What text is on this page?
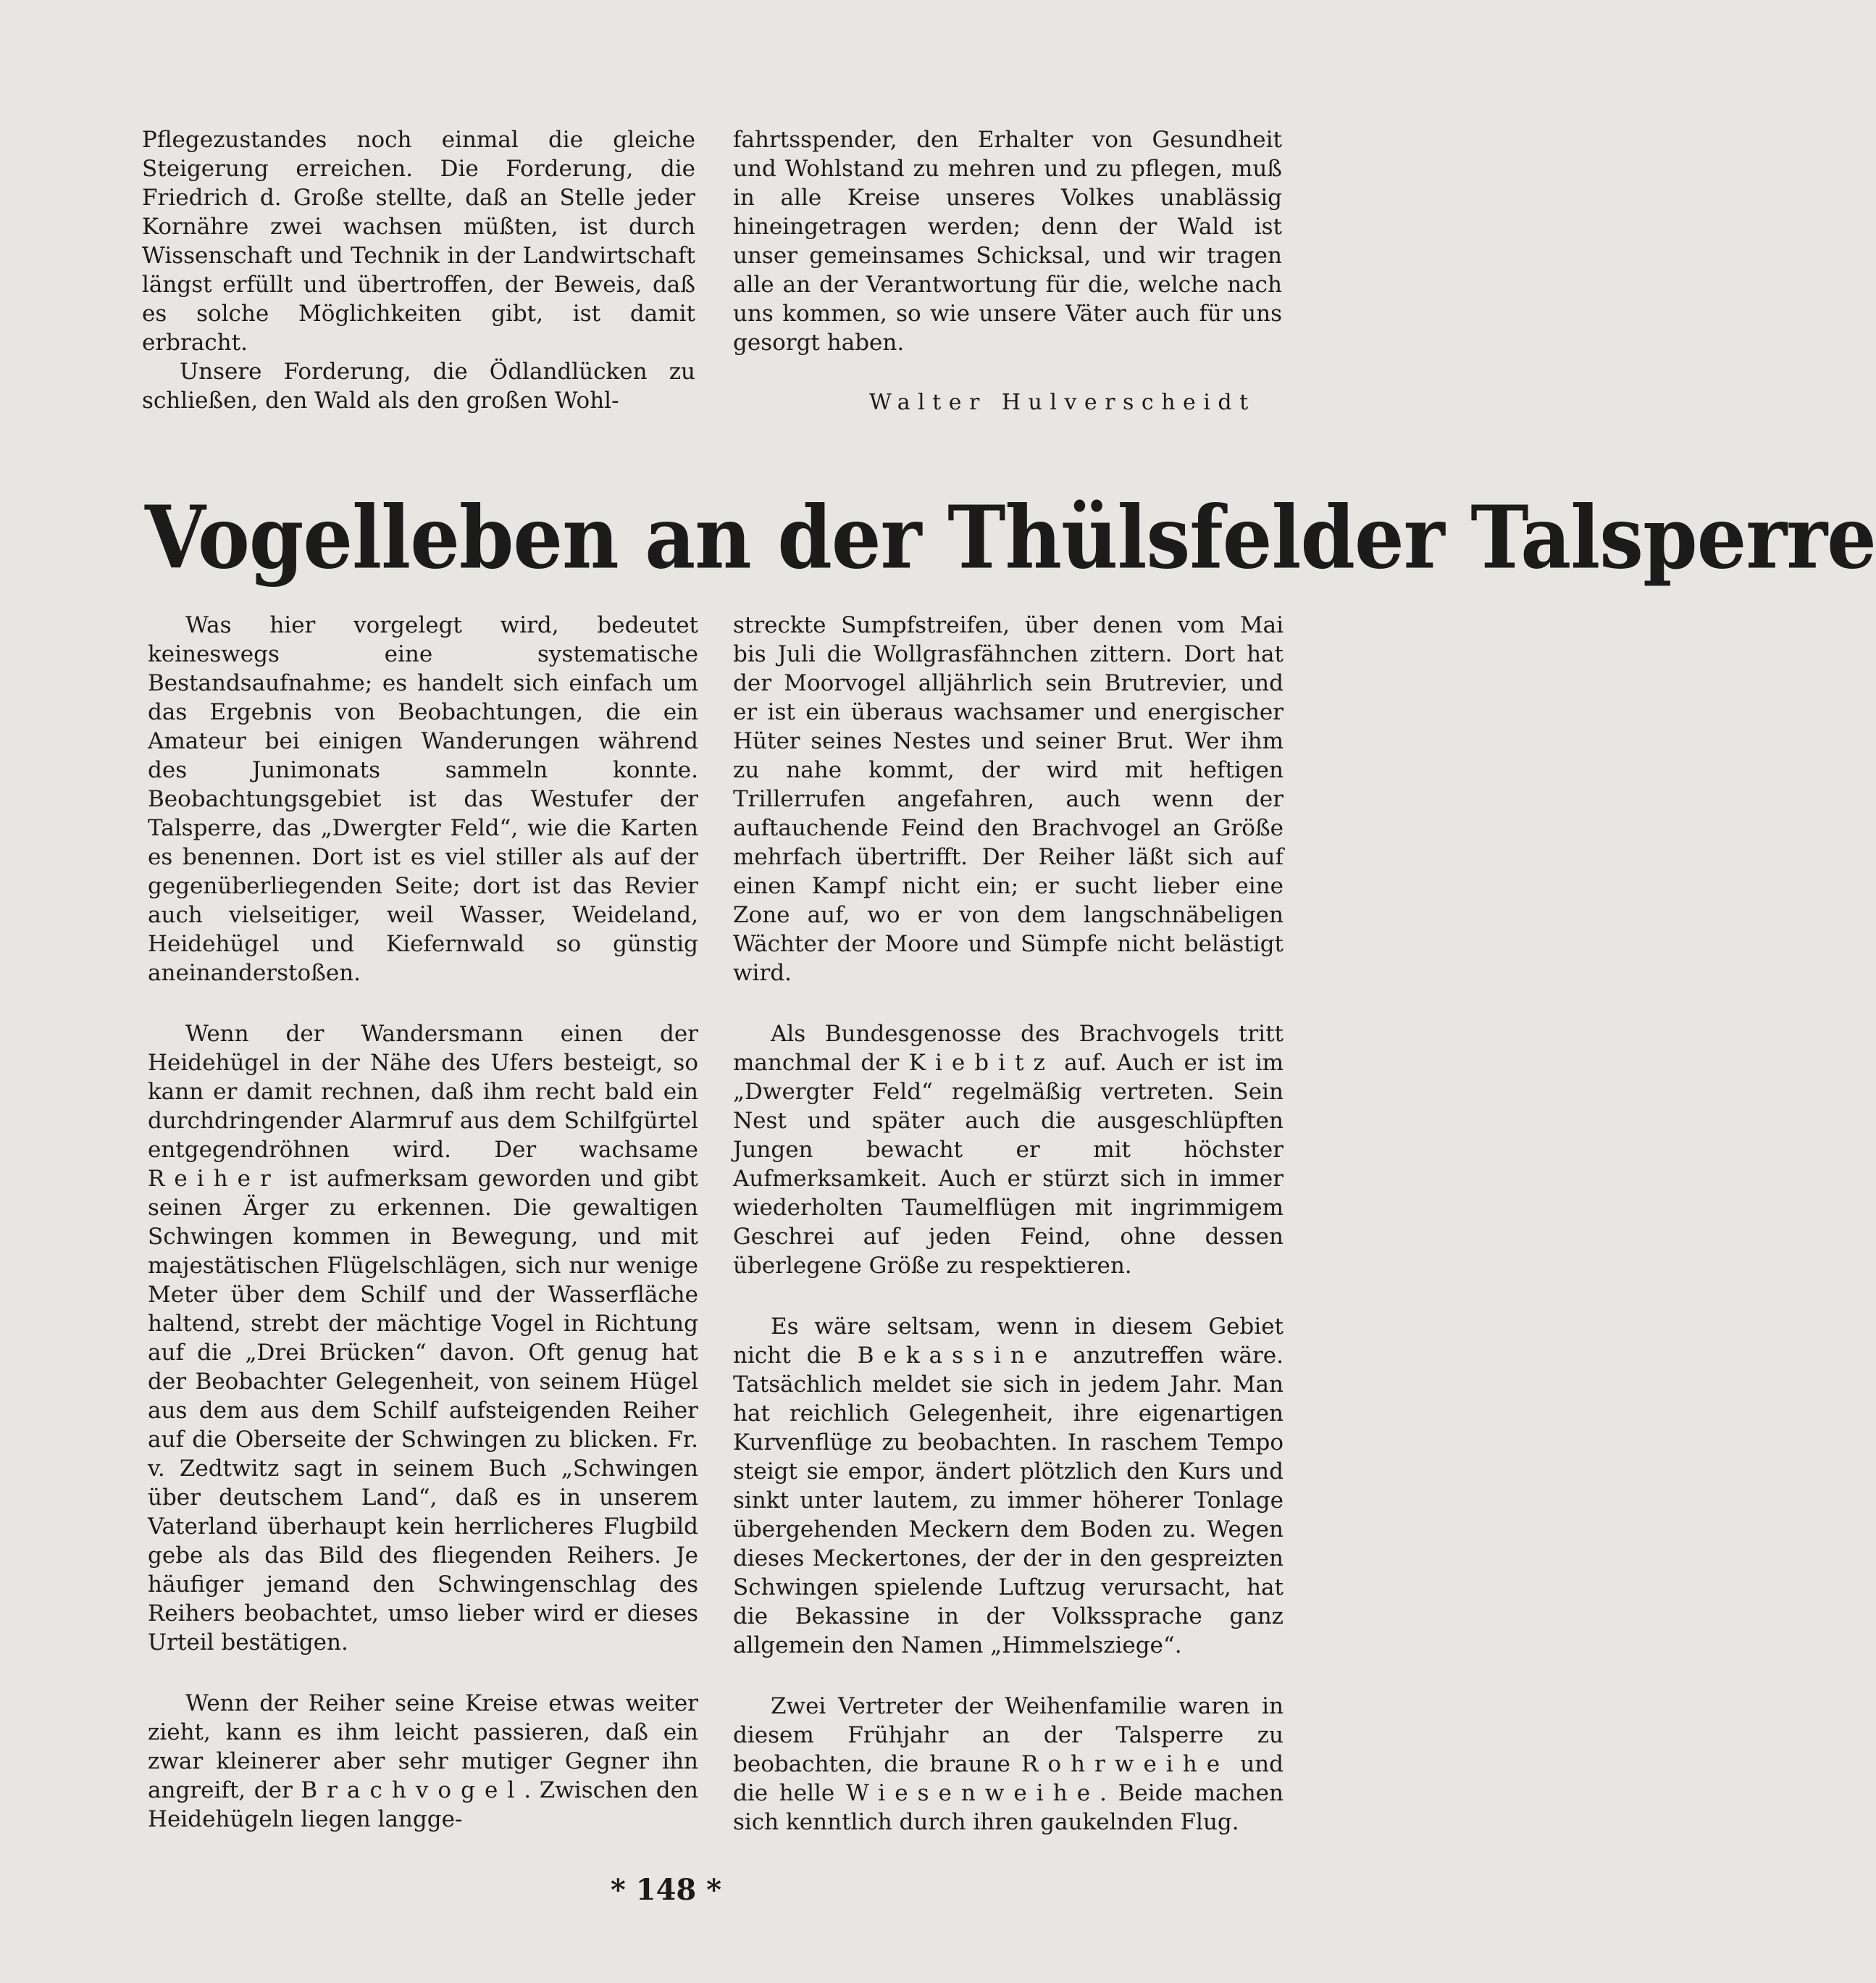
Pflegezustandes noch einmal die gleiche Steigerung erreichen. Die Forderung, die Friedrich d. Große stellte, daß an Stelle jeder Kornähre zwei wachsen müßten, ist durch Wissenschaft und Technik in der Landwirtschaft längst erfüllt und übertroffen, der Beweis, daß es solche Möglichkeiten gibt, ist damit erbracht.

Unsere Forderung, die Ödlandlücken zu schließen, den Wald als den großen Wohl-

fahrtsspender, den Erhalter von Gesundheit und Wohlstand zu mehren und zu pflegen, muß in alle Kreise unseres Volkes unablässig hineingetragen werden; denn der Wald ist unser gemeinsames Schicksal, und wir tragen alle an der Verantwortung für die, welche nach uns kommen, so wie unsere Väter auch für uns gesorgt haben.

Walter Hulverscheidt
Vogelleben an der Thülsfelder Talsperre

Was hier vorgelegt wird, bedeutet keineswegs eine systematische Bestandsaufnahme; es handelt sich einfach um das Ergebnis von Beobachtungen, die ein Amateur bei einigen Wanderungen während des Junimonats sammeln konnte. Beobachtungsgebiet ist das Westufer der Talsperre, das „Dwergter Feld“, wie die Karten es benennen. Dort ist es viel stiller als auf der gegenüberliegenden Seite; dort ist das Revier auch vielseitiger, weil Wasser, Weideland, Heidehügel und Kiefernwald so günstig aneinanderstoßen.

Wenn der Wandersmann einen der Heidehügel in der Nähe des Ufers besteigt, so kann er damit rechnen, daß ihm recht bald ein durchdringender Alarmruf aus dem Schilfgürtel entgegendröhnen wird. Der wachsame Reiher ist aufmerksam geworden und gibt seinen Ärger zu erkennen. Die gewaltigen Schwingen kommen in Bewegung, und mit majestätischen Flügelschlägen, sich nur wenige Meter über dem Schilf und der Wasserfläche haltend, strebt der mächtige Vogel in Richtung auf die „Drei Brücken“ davon. Oft genug hat der Beobachter Gelegenheit, von seinem Hügel aus dem aus dem Schilf aufsteigenden Reiher auf die Oberseite der Schwingen zu blicken. Fr. v. Zedtwitz sagt in seinem Buch „Schwingen über deutschem Land“, daß es in unserem Vaterland überhaupt kein herrlicheres Flugbild gebe als das Bild des fliegenden Reihers. Je häufiger jemand den Schwingenschlag des Reihers beobachtet, umso lieber wird er dieses Urteil bestätigen.

Wenn der Reiher seine Kreise etwas weiter zieht, kann es ihm leicht passieren, daß ein zwar kleinerer aber sehr mutiger Gegner ihn angreift, der Brachvogel. Zwischen den Heidehügeln liegen langge-

streckte Sumpfstreifen, über denen vom Mai bis Juli die Wollgrasfähnchen zittern. Dort hat der Moorvogel alljährlich sein Brutrevier, und er ist ein überaus wachsamer und energischer Hüter seines Nestes und seiner Brut. Wer ihm zu nahe kommt, der wird mit heftigen Trillerrufen angefahren, auch wenn der auftauchende Feind den Brachvogel an Größe mehrfach übertrifft. Der Reiher läßt sich auf einen Kampf nicht ein; er sucht lieber eine Zone auf, wo er von dem langschnäbeligen Wächter der Moore und Sümpfe nicht belästigt wird.

Als Bundesgenosse des Brachvogels tritt manchmal der Kiebitz auf. Auch er ist im „Dwergter Feld“ regelmäßig vertreten. Sein Nest und später auch die ausgeschlüpften Jungen bewacht er mit höchster Aufmerksamkeit. Auch er stürzt sich in immer wiederholten Taumelflügen mit ingrimmigem Geschrei auf jeden Feind, ohne dessen überlegene Größe zu respektieren.

Es wäre seltsam, wenn in diesem Gebiet nicht die Bekassine anzutreffen wäre. Tatsächlich meldet sie sich in jedem Jahr. Man hat reichlich Gelegenheit, ihre eigenartigen Kurvenflüge zu beobachten. In raschem Tempo steigt sie empor, ändert plötzlich den Kurs und sinkt unter lautem, zu immer höherer Tonlage übergehenden Meckern dem Boden zu. Wegen dieses Meckertones, der der in den gespreizten Schwingen spielende Luftzug verursacht, hat die Bekassine in der Volkssprache ganz allgemein den Namen „Himmelsziege“.

Zwei Vertreter der Weihenfamilie waren in diesem Frühjahr an der Talsperre zu beobachten, die braune Rohrweihe und die helle Wiesenweihe. Beide machen sich kenntlich durch ihren gaukelnden Flug.

* 148 *
